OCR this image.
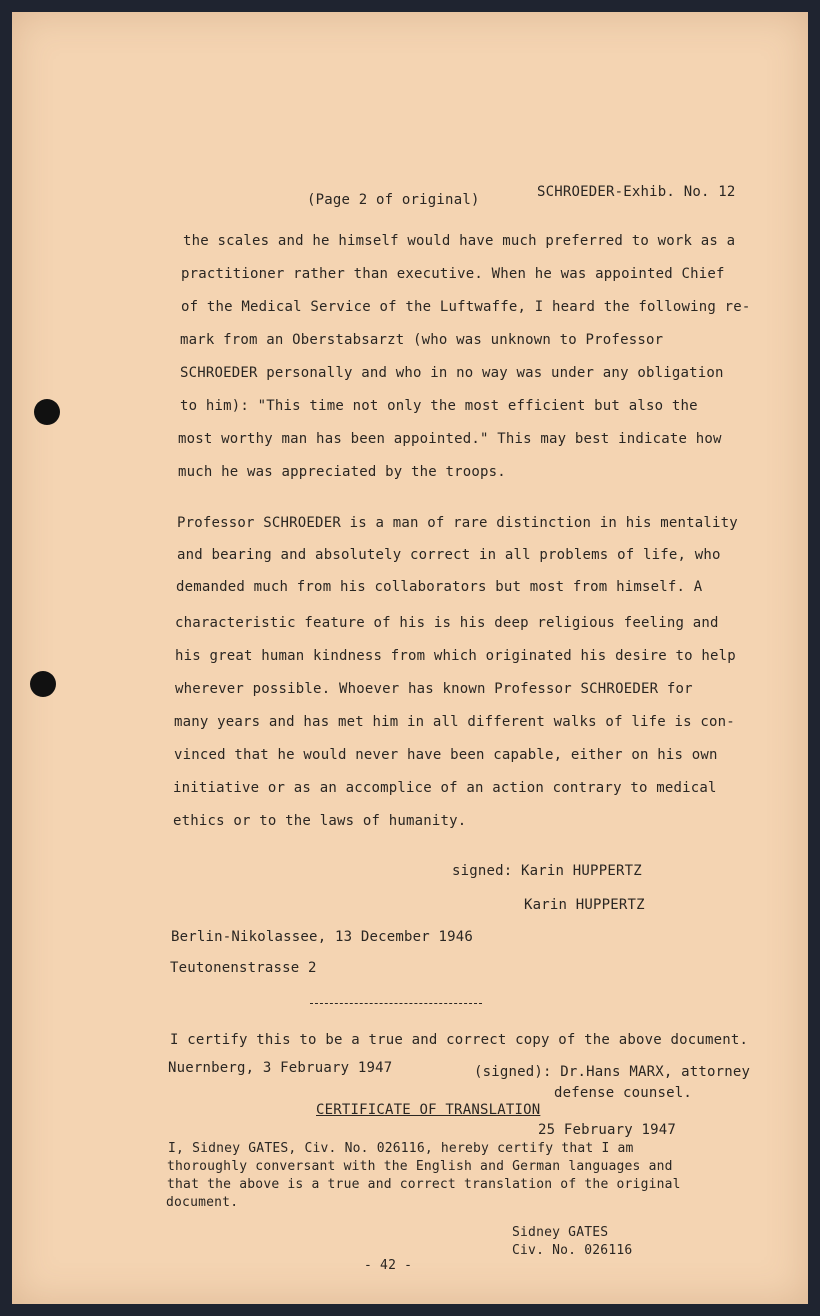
(Page 2 of original)	SCHROEDER-Exhib. No. 12
the scales and he himself would have much preferred to work as a
practitioner rather than executive. When he was appointed Chief
of the Medical Service of the Luftwaffe, I heard the following re-
mark from an Oberstabsarzt (who was unknown to Professor
SCHROEDER personally and who in no way was under any obligation
to him): "This time not only the most efficient but also the
most worthy man has been appointed." This may best indicate how
much he was appreciated by the troops.
Professor SCHROEDER is a man of rare distinction in his mentality
and bearing and absolutely correct in all problems of life, who
demanded much from his collaborators but most from himself. A
characteristic feature of his is his deep religious feeling and
his great human kindness from which originated his desire to help
wherever possible. Whoever has known Professor SCHROEDER for
many years and has met him in all different walks of life is con-
vinced that he would never have been capable, either on his own
initiative or as an accomplice of an action contrary to medical
ethics or to the laws of humanity.
signed: Karin HUPPERTZ
Karin HUPPERTZ
Berlin-Nikolassee, 13 December 1946
Teutonenstrasse 2
I certify this to be a true and correct copy of the above document.
Nuernberg, 3 February 1947	(signed): Dr.Hans MARX, attorney
defense counsel.
CERTIFICATE OF TRANSLATION
25 February 1947
I, Sidney GATES, Civ. No. 026116, hereby certify that I am
thoroughly conversant with the English and German languages and
that the above is a true and correct translation of the original
document.
Sidney GATES
Civ. No. 026116
- 42 -
